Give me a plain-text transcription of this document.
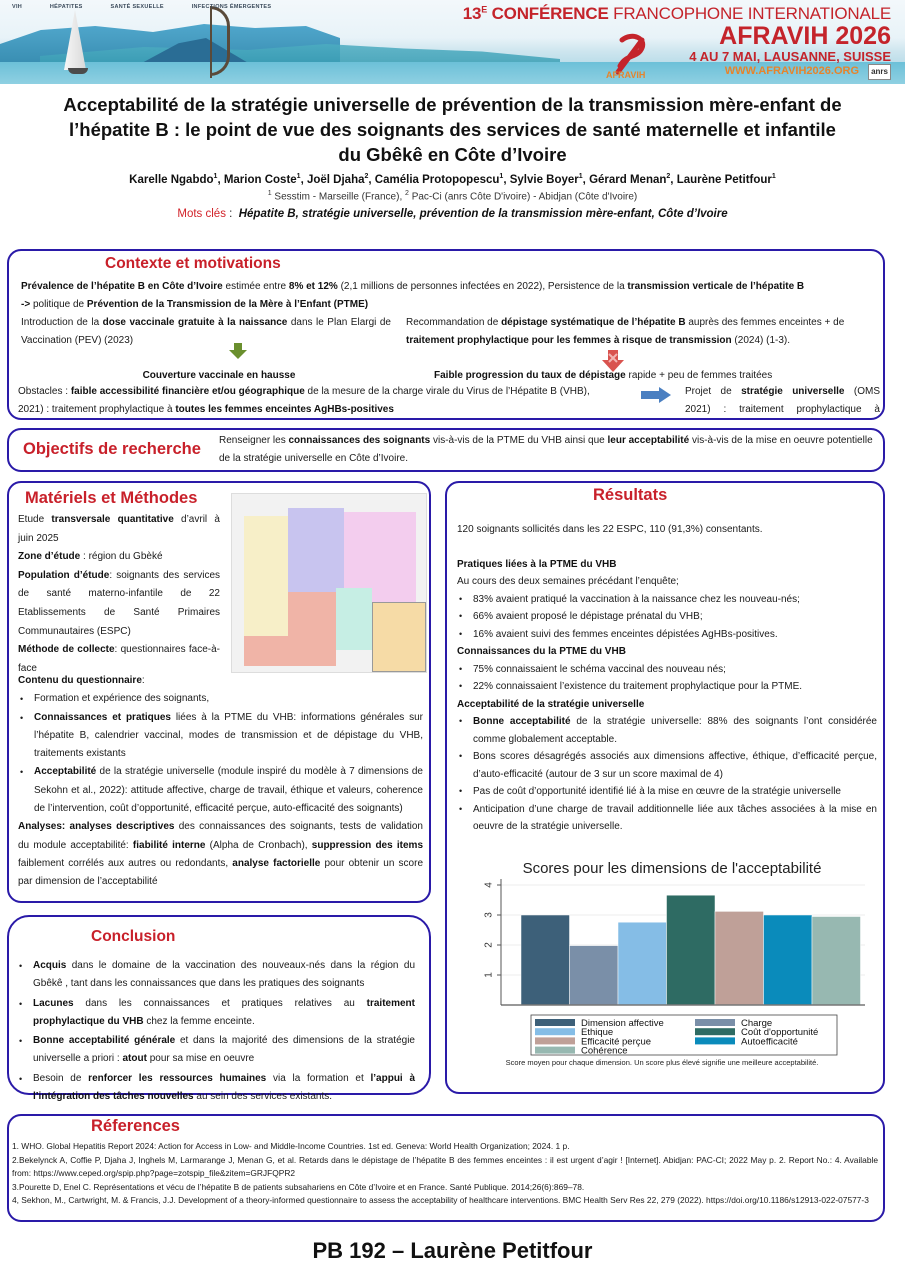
VIH	HÉPATITES	SANTÉ SEXUELLE	INFECTIONS ÉMERGENTES
AFRAVIH
$13^E$ CONFÉRENCE FRANCOPHONE INTERNATIONALE
AFRAVIH 2026
4 AU 7 MAI, LAUSANNE, SUISSE
WWW.AFRAVIH2026.ORG anrs
Acceptabilité de la stratégie universelle de prévention de la transmission mère-enfant de l’hépatite B : le point de vue des soignants des services de santé maternelle et infantile du Gbêkê en Côte d’Ivoire
Karelle Ngabdo$^1$, Marion Coste$^1$, Joël Djaha$^2$, Camélia Protopopescu$^1$, Sylvie Boyer$^1$, Gérard Menan$^2$, Laurène Petitfour$^1$
$^1$ Sesstim - Marseille (France), $^2$ Pac-Ci (anrs Côte D'ivoire) - Abidjan (Côte d'Ivoire)
Mots clés :  Hépatite B, stratégie universelle, prévention de la transmission mère-enfant, Côte d’Ivoire
Contexte et motivations
Prévalence de l’hépatite B en Côte d’Ivoire estimée entre 8% et 12% (2,1 millions de personnes infectées en 2022), Persistence de la transmission verticale de l’hépatite B
-> politique de Prévention de la Transmission de la Mère à l’Enfant (PTME)
Introduction de la dose vaccinale gratuite à la naissance dans le Plan Elargi de Vaccination (PEV) (2023)
Recommandation de dépistage systématique de l’hépatite B auprès des femmes enceintes + de traitement prophylactique pour les femmes à risque de transmission (2024) (1-3).
Couverture vaccinale en hausse	Faible progression du taux de dépistage rapide + peu de femmes traitées
Obstacles : faible accessibilité financière et/ou géographique de la mesure de la charge virale du Virus de l’Hépatite B (VHB),	Projet de stratégie universelle (OMS 2021) : traitement prophylactique à
2021) : traitement prophylactique à toutes les femmes enceintes AgHBs-positives
Objectifs de recherche Renseigner les connaissances des soignants vis-à-vis de la PTME du VHB ainsi que leur acceptabilité vis-à-vis de la mise en oeuvre potentielle de la stratégie universelle en Côte d’Ivoire.
Matériels et Méthodes
Etude transversale quantitative d’avril à juin 2025
Zone d’étude : région du Gbèké
Population d’étude: soignants des services de santé materno-infantile de 22 Etablissements de Santé Primaires Communautaires (ESPC)
Méthode de collecte: questionnaires face-à-face
Contenu du questionnaire:
• Formation et expérience des soignants,
• Connaissances et pratiques liées à la PTME du VHB: informations générales sur l’hépatite B, calendrier vaccinal, modes de transmission et de dépistage du VHB, traitements existants
• Acceptabilité de la stratégie universelle (module inspiré du modèle à 7 dimensions de Sekohn et al., 2022): attitude affective, charge de travail, éthique et valeurs, coherence de l’intervention, coût d’opportunité, efficacité perçue, auto-efficacité des soignants)
Analyses: analyses descriptives des connaissances des soignants, tests de validation du module acceptabilité: fiabilité interne (Alpha de Cronbach), suppression des items faiblement corrélés aux autres ou redondants, analyse factorielle pour obtenir un score par dimension de l’acceptabilité
Résultats
120 soignants sollicités dans les 22 ESPC, 110 (91,3%) consentants.
Pratiques liées à la PTME du VHB
Au cours des deux semaines précédant l’enquête;
• 83% avaient pratiqué la vaccination à la naissance chez les nouveau-nés;
• 66% avaient proposé le dépistage prénatal du VHB;
• 16% avaient suivi des femmes enceintes dépistées AgHBs-positives.
Connaissances du la PTME du VHB
• 75% connaissaient le schéma vaccinal des nouveau nés;
• 22% connaissaient l’existence du traitement prophylactique pour la PTME.
Acceptabilité de la stratégie universelle
• Bonne acceptabilité de la stratégie universelle: 88% des soignants l’ont considérée comme globalement acceptable.
• Bons scores désagrégés associés aux dimensions affective, éthique, d’efficacité perçue, d’auto-efficacité (autour de 3 sur un score maximal de 4)
• Pas de coût d’opportunité identifié lié à la mise en œuvre de la stratégie universelle
• Anticipation d’une charge de travail additionnelle liée aux tâches associées à la mise en oeuvre de la stratégie universelle.
Scores pour les dimensions de l'acceptabilité
1
2
3
4
Dimension affective	Charge
Ethique	Coût d'opportunité
Efficacité perçue	Autoefficacité
Cohérence
Score moyen pour chaque dimension. Un score plus élevé signifie une meilleure acceptabilité.
Conclusion
• Acquis dans le domaine de la vaccination des nouveaux-nés dans la région du Gbêkê , tant dans les connaissances que dans les pratiques des soignants
• Lacunes dans les connaissances et pratiques relatives au traitement prophylactique du VHB chez la femme enceinte.
• Bonne acceptabilité générale et dans la majorité des dimensions de la stratégie universelle a priori : atout pour sa mise en oeuvre
• Besoin de renforcer les ressources humaines via la formation et l’appui à l’intégration des tâches nouvelles au sein des services existants.
Réferences
1. WHO. Global Hepatitis Report 2024: Action for Access in Low- and Middle-Income Countries. 1st ed. Geneva: World Health Organization; 2024. 1 p.
2.Bekelynck A, Coffie P, Djaha J, Inghels M, Larmarange J, Menan G, et al. Retards dans le dépistage de l’hépatite B des femmes enceintes : il est urgent d’agir ! [Internet]. Abidjan: PAC-CI; 2022 May p. 2. Report No.: 4. Available from: https://www.ceped.org/spip.php?page=zotspip_file&zitem=GRJFQPR2
3.Pourette D, Enel C. Représentations et vécu de l’hépatite B de patients subsahariens en Côte d’Ivoire et en France. Santé Publique. 2014;26(6):869–78.
4, Sekhon, M., Cartwright, M. & Francis, J.J. Development of a theory-informed questionnaire to assess the acceptability of healthcare interventions. BMC Health Serv Res 22, 279 (2022). https://doi.org/10.1186/s12913-022-07577-3
PB 192 – Laurène Petitfour
